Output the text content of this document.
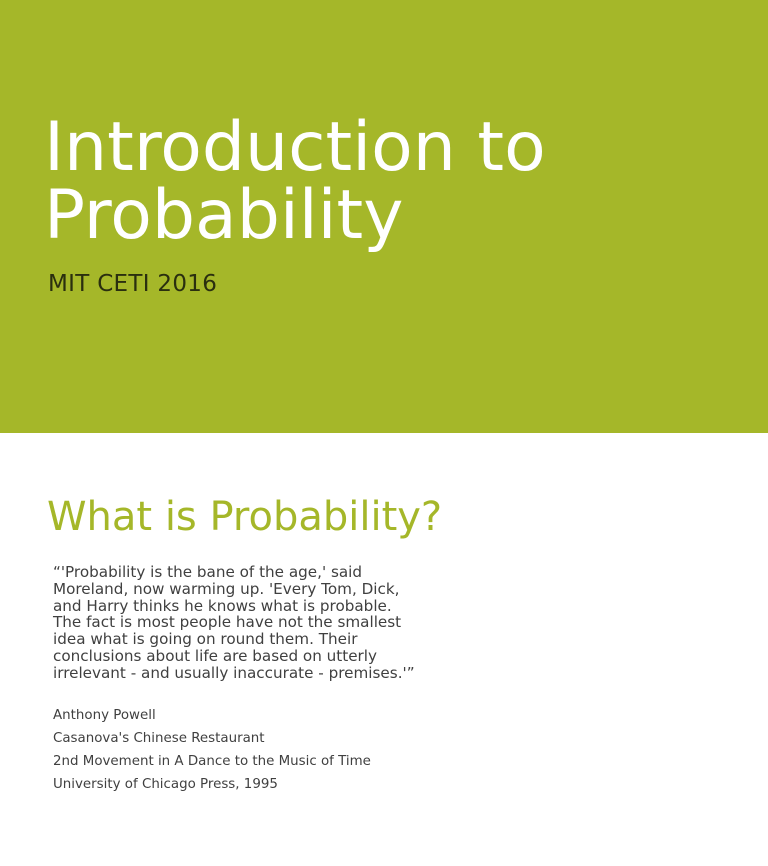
Introduction to
Probability

MIT CETI 2016

What is Probability?

“'Probability is the bane of the age,' said Moreland, now warming up. 'Every Tom, Dick, and Harry thinks he knows what is probable. The fact is most people have not the smallest idea what is going on round them. Their conclusions about life are based on utterly irrelevant - and usually inaccurate - premises.'”

Anthony Powell

Casanova's Chinese Restaurant

2nd Movement in A Dance to the Music of Time

University of Chicago Press, 1995
